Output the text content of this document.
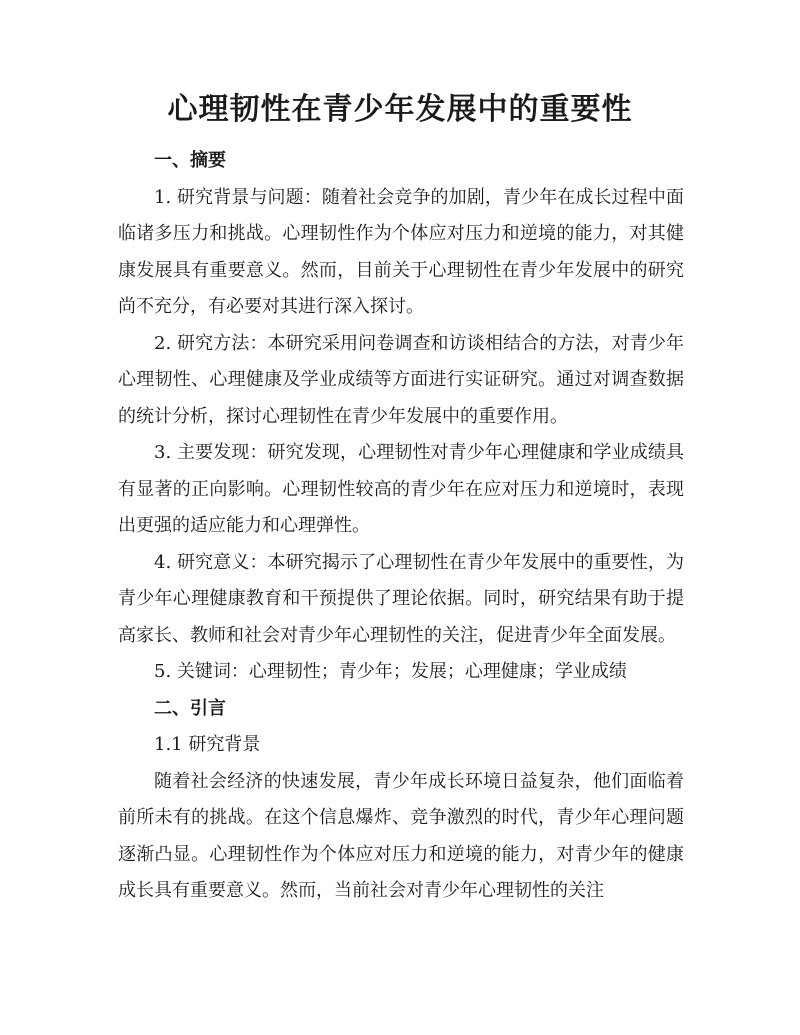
心理韧性在青少年发展中的重要性

一、摘要

1. 研究背景与问题：随着社会竞争的加剧，青少年在成长过程中面临诸多压力和挑战。心理韧性作为个体应对压力和逆境的能力，对其健康发展具有重要意义。然而，目前关于心理韧性在青少年发展中的研究尚不充分，有必要对其进行深入探讨。

2. 研究方法：本研究采用问卷调查和访谈相结合的方法，对青少年心理韧性、心理健康及学业成绩等方面进行实证研究。通过对调查数据的统计分析，探讨心理韧性在青少年发展中的重要作用。

3. 主要发现：研究发现，心理韧性对青少年心理健康和学业成绩具有显著的正向影响。心理韧性较高的青少年在应对压力和逆境时，表现出更强的适应能力和心理弹性。

4. 研究意义：本研究揭示了心理韧性在青少年发展中的重要性，为青少年心理健康教育和干预提供了理论依据。同时，研究结果有助于提高家长、教师和社会对青少年心理韧性的关注，促进青少年全面发展。

5. 关键词：心理韧性；青少年；发展；心理健康；学业成绩

二、引言

1.1 研究背景

随着社会经济的快速发展，青少年成长环境日益复杂，他们面临着前所未有的挑战。在这个信息爆炸、竞争激烈的时代，青少年心理问题逐渐凸显。心理韧性作为个体应对压力和逆境的能力，对青少年的健康成长具有重要意义。然而，当前社会对青少年心理韧性的关注
